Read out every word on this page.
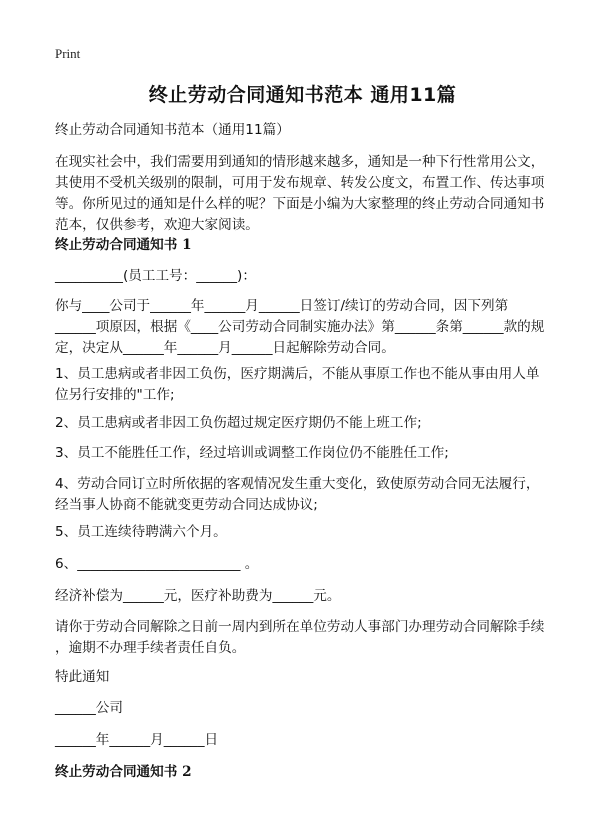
Print
终止劳动合同通知书范本 通用11篇
终止劳动合同通知书范本（通用11篇）
在现实社会中，我们需要用到通知的情形越来越多，通知是一种下行性常用公文，
其使用不受机关级别的限制，可用于发布规章、转发公度文，布置工作、传达事项
等。你所见过的通知是什么样的呢？下面是小编为大家整理的终止劳动合同通知书
范本，仅供参考，欢迎大家阅读。
终止劳动合同通知书 1
__________(员工工号：______)：
你与____公司于______年______月______日签订/续订的劳动合同，因下列第
______项原因，根据《____公司劳动合同制实施办法》第______条第______款的规
定，决定从______年______月______日起解除劳动合同。
1、员工患病或者非因工负伤，医疗期满后，不能从事原工作也不能从事由用人单
位另行安排的"工作;
2、员工患病或者非因工负伤超过规定医疗期仍不能上班工作;
3、员工不能胜任工作，经过培训或调整工作岗位仍不能胜任工作;
4、劳动合同订立时所依据的客观情况发生重大变化，致使原劳动合同无法履行，
经当事人协商不能就变更劳动合同达成协议;
5、员工连续待聘满六个月。
6、________________________ 。
经济补偿为______元，医疗补助费为______元。
请你于劳动合同解除之日前一周内到所在单位劳动人事部门办理劳动合同解除手续
，逾期不办理手续者责任自负。
特此通知
______公司
______年______月______日
终止劳动合同通知书 2
